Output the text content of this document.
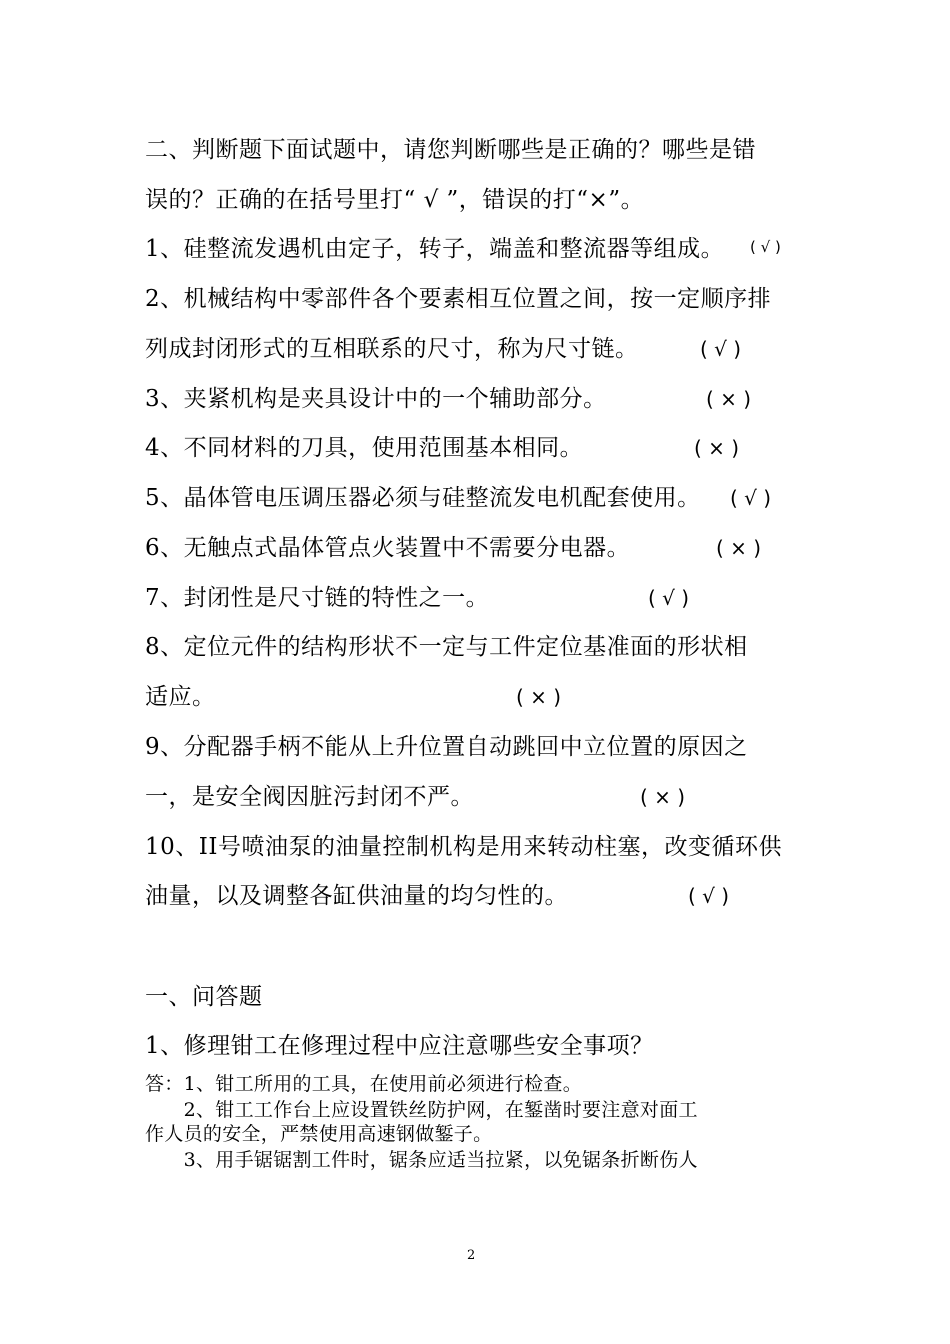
二、判断题下面试题中，请您判断哪些是正确的？哪些是错
误的？正确的在括号里打“ √ ”，错误的打“×”。
1、硅整流发遇机由定子，转子，端盖和整流器等组成。 ( √ )
2、机械结构中零部件各个要素相互位置之间，按一定顺序排
列成封闭形式的互相联系的尺寸，称为尺寸链。	( √ )
3、夹紧机构是夹具设计中的一个辅助部分。	( × )
4、不同材料的刀具，使用范围基本相同。	( × )
5、晶体管电压调压器必须与硅整流发电机配套使用。 ( √ )
6、无触点式晶体管点火装置中不需要分电器。	( × )
7、封闭性是尺寸链的特性之一。	( √ )
8、定位元件的结构形状不一定与工件定位基准面的形状相
适应。	( × )
9、分配器手柄不能从上升位置自动跳回中立位置的原因之
一，是安全阀因脏污封闭不严。	( × )
10、II号喷油泵的油量控制机构是用来转动柱塞，改变循环供
油量，以及调整各缸供油量的均匀性的。	( √ )
一、问答题
1、修理钳工在修理过程中应注意哪些安全事项？
答：1、钳工所用的工具，在使用前必须进行检查。
　　2、钳工工作台上应设置铁丝防护网，在錾凿时要注意对面工
作人员的安全，严禁使用高速钢做錾子。
　　3、用手锯锯割工件时，锯条应适当拉紧，以免锯条折断伤人
2
